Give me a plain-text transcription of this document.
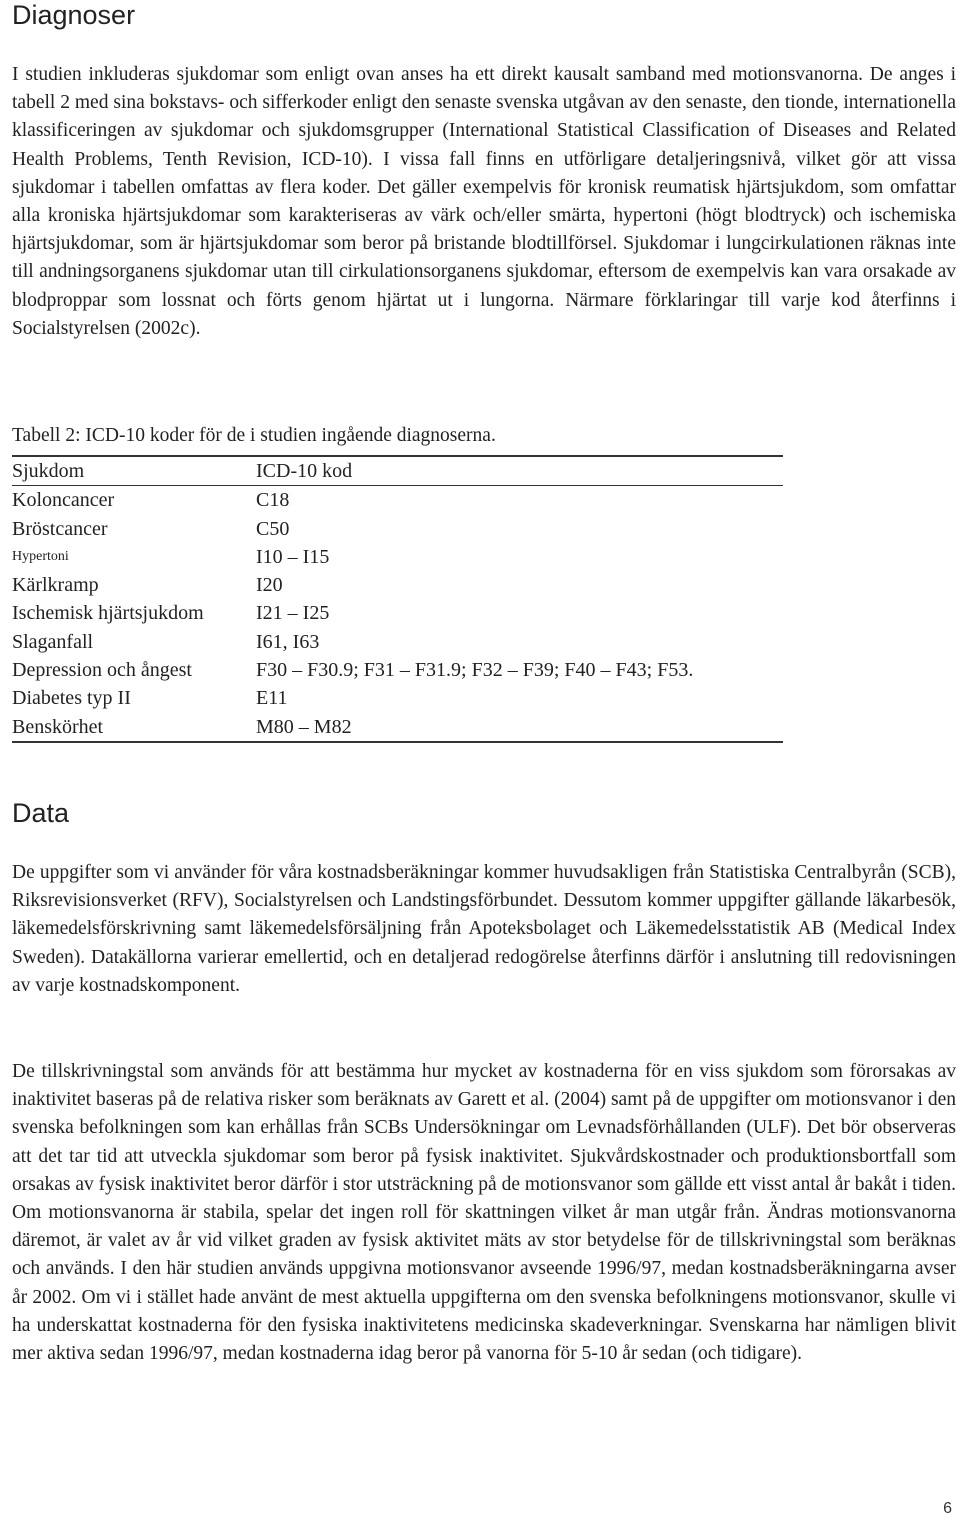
Diagnoser

I studien inkluderas sjukdomar som enligt ovan anses ha ett direkt kausalt samband med motionsvanorna. De anges i tabell 2 med sina bokstavs- och sifferkoder enligt den senaste svenska utgåvan av den senaste, den tionde, internationella klassificeringen av sjukdomar och sjukdomsgrupper (International Statistical Classification of Diseases and Related Health Problems, Tenth Revision, ICD-10). I vissa fall finns en utförligare detaljeringsnivå, vilket gör att vissa sjukdomar i tabellen omfattas av flera koder. Det gäller exempelvis för kronisk reumatisk hjärtsjukdom, som omfattar alla kroniska hjärtsjukdomar som karakteriseras av värk och/eller smärta, hypertoni (högt blodtryck) och ischemiska hjärtsjukdomar, som är hjärtsjukdomar som beror på bristande blodtillförsel. Sjukdomar i lungcirkulationen räknas inte till andningsorganens sjukdomar utan till cirkulationsorganens sjukdomar, eftersom de exempelvis kan vara orsakade av blodproppar som lossnat och förts genom hjärtat ut i lungorna. Närmare förklaringar till varje kod återfinns i Socialstyrelsen (2002c).

Tabell 2: ICD-10 koder för de i studien ingående diagnoserna.

Sjukdom	ICD-10 kod
Koloncancer	C18
Bröstcancer	C50
Hypertoni	I10 – I15
Kärlkramp	I20
Ischemisk hjärtsjukdom	I21 – I25
Slaganfall	I61, I63
Depression och ångest	F30 – F30.9; F31 – F31.9; F32 – F39; F40 – F43; F53.
Diabetes typ II	E11
Benskörhet	M80 – M82
Data

De uppgifter som vi använder för våra kostnadsberäkningar kommer huvudsakligen från Statistiska Centralbyrån (SCB), Riksrevisionsverket (RFV), Socialstyrelsen och Landstingsförbundet. Dessutom kommer uppgifter gällande läkarbesök, läkemedelsförskrivning samt läkemedelsförsäljning från Apoteksbolaget och Läkemedelsstatistik AB (Medical Index Sweden). Datakällorna varierar emellertid, och en detaljerad redogörelse återfinns därför i anslutning till redovisningen av varje kostnadskomponent.

De tillskrivningstal som används för att bestämma hur mycket av kostnaderna för en viss sjukdom som förorsakas av inaktivitet baseras på de relativa risker som beräknats av Garett et al. (2004) samt på de uppgifter om motionsvanor i den svenska befolkningen som kan erhållas från SCBs Undersökningar om Levnadsförhållanden (ULF). Det bör observeras att det tar tid att utveckla sjukdomar som beror på fysisk inaktivitet. Sjukvårdskostnader och produktionsbortfall som orsakas av fysisk inaktivitet beror därför i stor utsträckning på de motionsvanor som gällde ett visst antal år bakåt i tiden. Om motionsvanorna är stabila, spelar det ingen roll för skattningen vilket år man utgår från. Ändras motionsvanorna däremot, är valet av år vid vilket graden av fysisk aktivitet mäts av stor betydelse för de tillskrivningstal som beräknas och används. I den här studien används uppgivna motionsvanor avseende 1996/97, medan kostnadsberäkningarna avser år 2002. Om vi i stället hade använt de mest aktuella uppgifterna om den svenska befolkningens motionsvanor, skulle vi ha underskattat kostnaderna för den fysiska inaktivitetens medicinska skadeverkningar. Svenskarna har nämligen blivit mer aktiva sedan 1996/97, medan kostnaderna idag beror på vanorna för 5-10 år sedan (och tidigare).

6
